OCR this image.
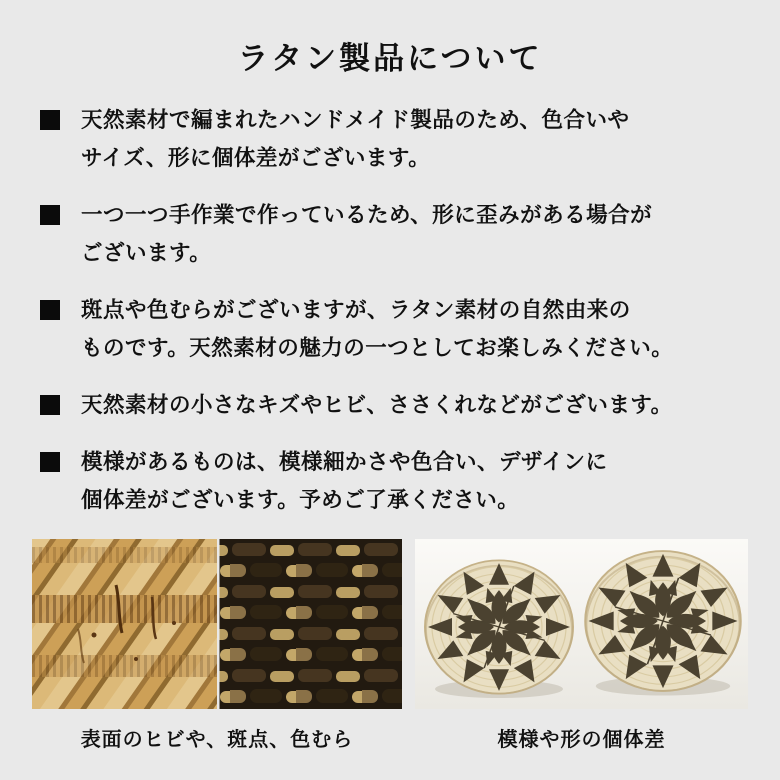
ラタン製品について
天然素材で編まれたハンドメイド製品のため、色合いや
サイズ、形に個体差がございます。
一つ一つ手作業で作っているため、形に歪みがある場合が
ございます。
斑点や色むらがございますが、ラタン素材の自然由来の
ものです。天然素材の魅力の一つとしてお楽しみください。
天然素材の小さなキズやヒビ、ささくれなどがございます。
模様があるものは、模様細かさや色合い、デザインに
個体差がございます。予めご了承ください。
表面のヒビや、斑点、色むら	模様や形の個体差
